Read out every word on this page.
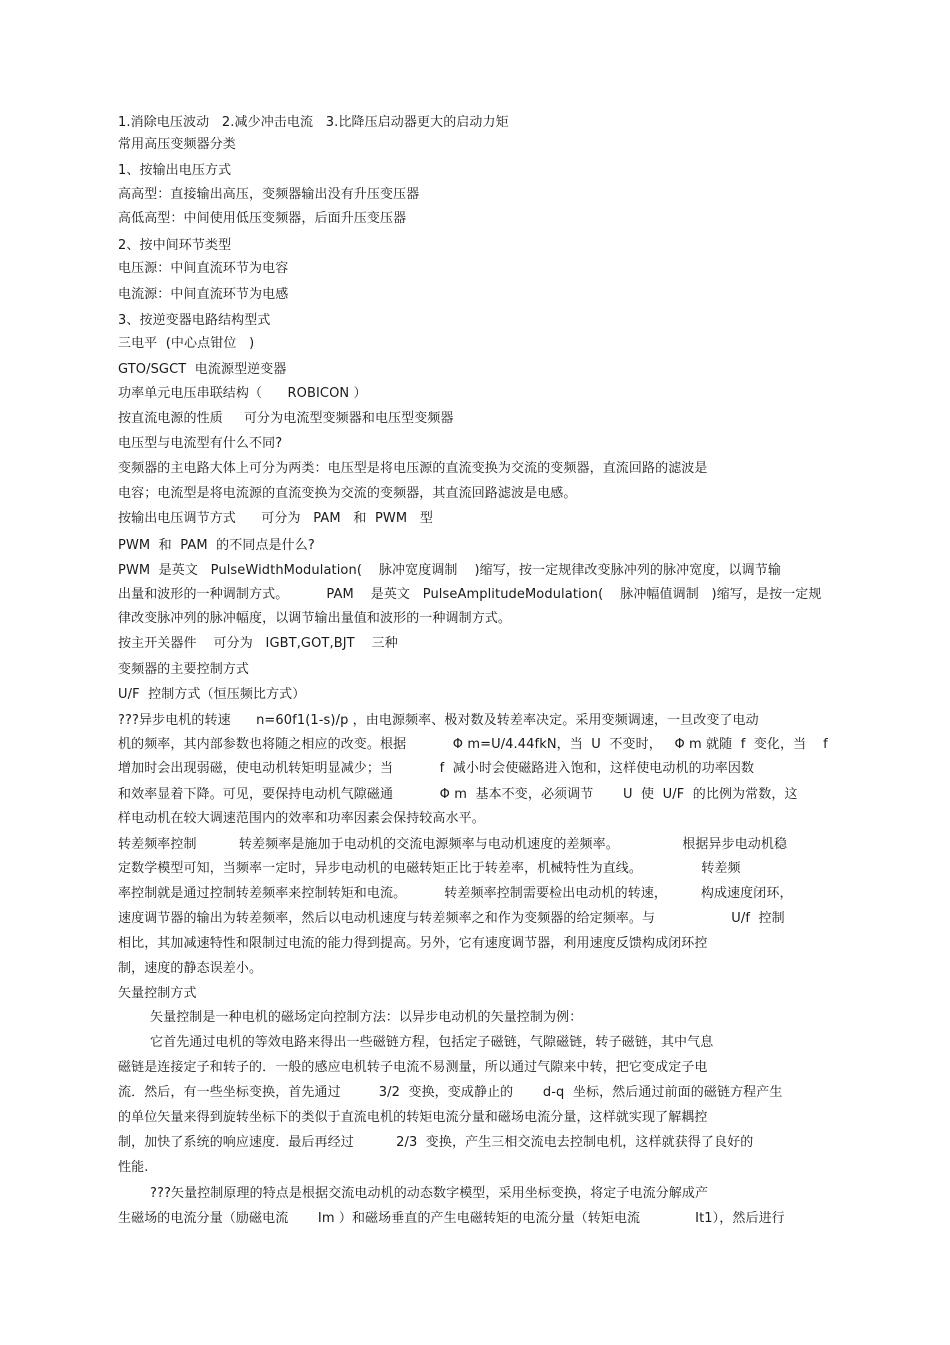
1.消除电压波动   2.减少冲击电流   3.比降压启动器更大的启动力矩
常用高压变频器分类
1、按输出电压方式
高高型：直接输出高压，变频器输出没有升压变压器
高低高型：中间使用低压变频器，后面升压变压器
2、按中间环节类型
电压源：中间直流环节为电容
电流源：中间直流环节为电感
3、按逆变器电路结构型式
三电平  (中心点钳位   )
GTO/SGCT  电流源型逆变器
功率单元电压串联结构（      ROBICON ）
按直流电源的性质     可分为电流型变频器和电压型变频器
电压型与电流型有什么不同?
变频器的主电路大体上可分为两类：电压型是将电压源的直流变换为交流的变频器，直流回路的滤波是
电容；电流型是将电流源的直流变换为交流的变频器，其直流回路滤波是电感。
按输出电压调节方式      可分为   PAM   和  PWM   型
PWM  和  PAM  的不同点是什么?
PWM  是英文   PulseWidthModulation(    脉冲宽度调制    )缩写，按一定规律改变脉冲列的脉冲宽度，以调节输
出量和波形的一种调制方式。         PAM    是英文   PulseAmplitudeModulation(    脉冲幅值调制   )缩写，是按一定规
律改变脉冲列的脉冲幅度，以调节输出量值和波形的一种调制方式。
按主开关器件    可分为   IGBT,GOT,BJT    三种
变频器的主要控制方式
U/F  控制方式（恒压频比方式）
???异步电机的转速      n=60f1(1-s)/p ，由电源频率、极对数及转差率决定。采用变频调速，一旦改变了电动
机的频率，其内部参数也将随之相应的改变。根据           Φ m=U/4.44fkN，当  U  不变时，   Φ m 就随  f  变化，当    f
增加时会出现弱磁，使电动机转矩明显减少；当           f  减小时会使磁路进入饱和，这样使电动机的功率因数
和效率显着下降。可见，要保持电动机气隙磁通           Φ m  基本不变，必须调节       U  使  U/F  的比例为常数，这
样电动机在较大调速范围内的效率和功率因素会保持较高水平。
转差频率控制          转差频率是施加于电动机的交流电源频率与电动机速度的差频率。               根据异步电动机稳
定数学模型可知，当频率一定时，异步电动机的电磁转矩正比于转差率，机械特性为直线。              转差频
率控制就是通过控制转差频率来控制转矩和电流。         转差频率控制需要检出电动机的转速，        构成速度闭环，
速度调节器的输出为转差频率，然后以电动机速度与转差频率之和作为变频器的给定频率。与                  U/f  控制
相比，其加减速特性和限制过电流的能力得到提高。另外，它有速度调节器，利用速度反馈构成闭环控
制，速度的静态误差小。
矢量控制方式
矢量控制是一种电机的磁场定向控制方法：以异步电动机的矢量控制为例：
它首先通过电机的等效电路来得出一些磁链方程，包括定子磁链，气隙磁链，转子磁链，其中气息
磁链是连接定子和转子的．一般的感应电机转子电流不易测量，所以通过气隙来中转，把它变成定子电
流．然后，有一些坐标变换，首先通过         3/2  变换，变成静止的       d-q  坐标，然后通过前面的磁链方程产生
的单位矢量来得到旋转坐标下的类似于直流电机的转矩电流分量和磁场电流分量，这样就实现了解耦控
制，加快了系统的响应速度．最后再经过          2/3  变换，产生三相交流电去控制电机，这样就获得了良好的
性能.
???矢量控制原理的特点是根据交流电动机的动态数字模型，采用坐标变换，将定子电流分解成产
生磁场的电流分量（励磁电流       Im ）和磁场垂直的产生电磁转矩的电流分量（转矩电流             It1），然后进行
